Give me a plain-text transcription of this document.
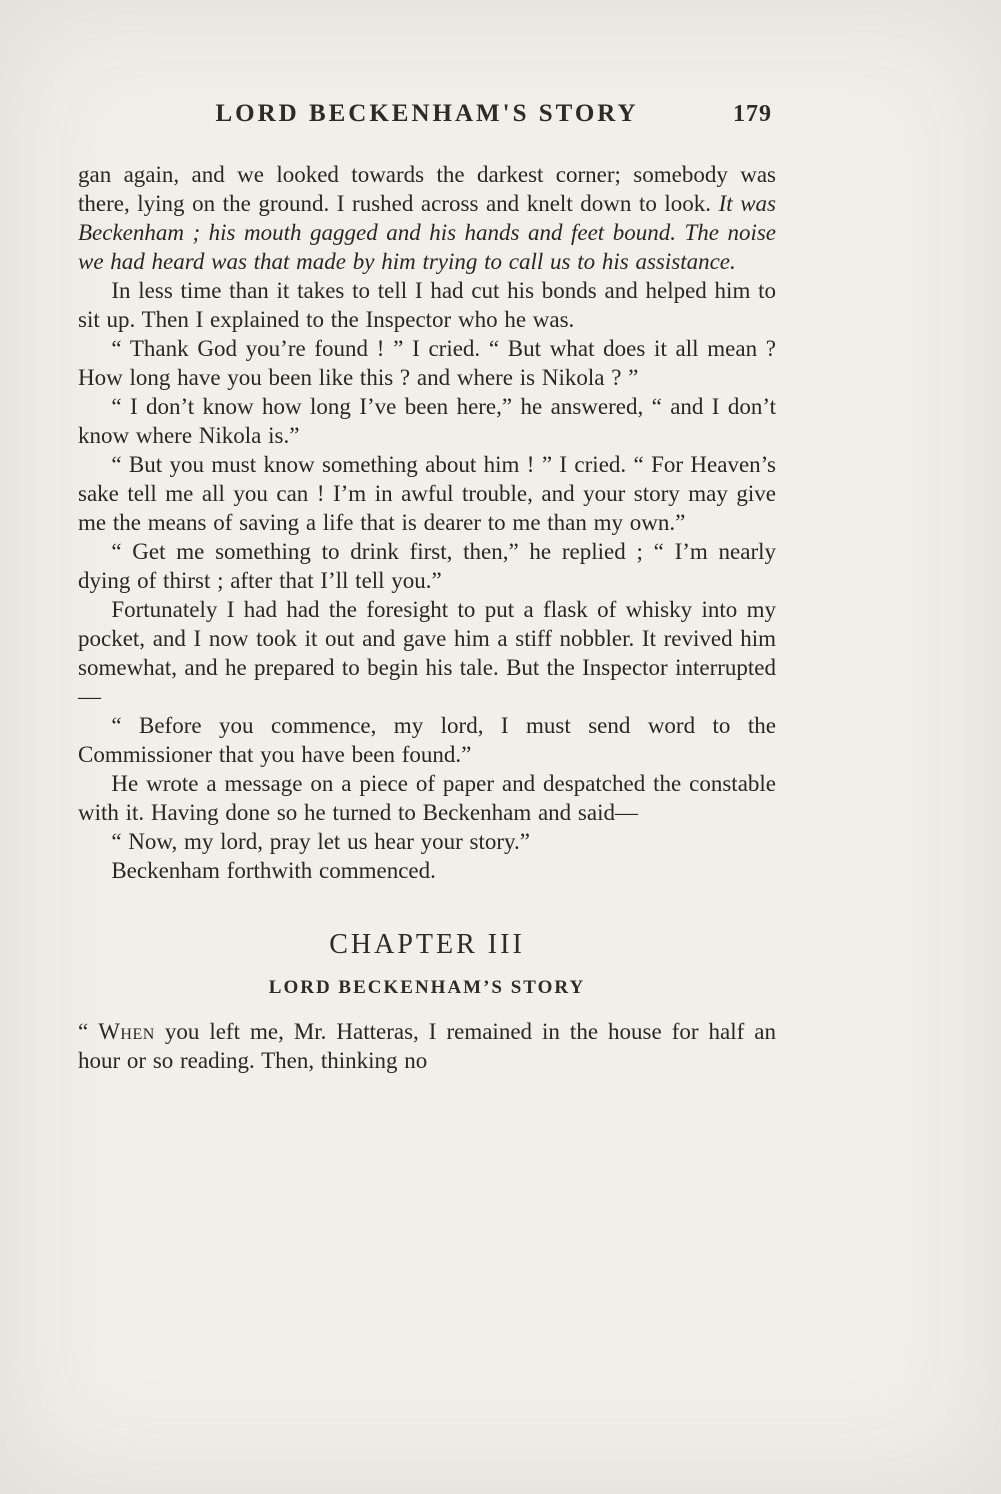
LORD BECKENHAM'S STORY	179

gan again, and we looked towards the darkest corner; somebody was there, lying on the ground. I rushed across and knelt down to look. It was Beckenham ; his mouth gagged and his hands and feet bound. The noise we had heard was that made by him trying to call us to his assistance.

In less time than it takes to tell I had cut his bonds and helped him to sit up. Then I explained to the Inspector who he was.

“ Thank God you’re found ! ” I cried. “ But what does it all mean ? How long have you been like this ? and where is Nikola ? ”

“ I don’t know how long I’ve been here,” he answered, “ and I don’t know where Nikola is.”

“ But you must know something about him ! ” I cried. “ For Heaven’s sake tell me all you can ! I’m in awful trouble, and your story may give me the means of saving a life that is dearer to me than my own.”

“ Get me something to drink first, then,” he replied ; “ I’m nearly dying of thirst ; after that I’ll tell you.”

Fortunately I had had the foresight to put a flask of whisky into my pocket, and I now took it out and gave him a stiff nobbler. It revived him somewhat, and he prepared to begin his tale. But the Inspector interrupted—

“ Before you commence, my lord, I must send word to the Commissioner that you have been found.”

He wrote a message on a piece of paper and despatched the constable with it. Having done so he turned to Beckenham and said—

“ Now, my lord, pray let us hear your story.”

Beckenham forthwith commenced.

CHAPTER III
LORD BECKENHAM’S STORY

“ When you left me, Mr. Hatteras, I remained in the house for half an hour or so reading. Then, thinking no
